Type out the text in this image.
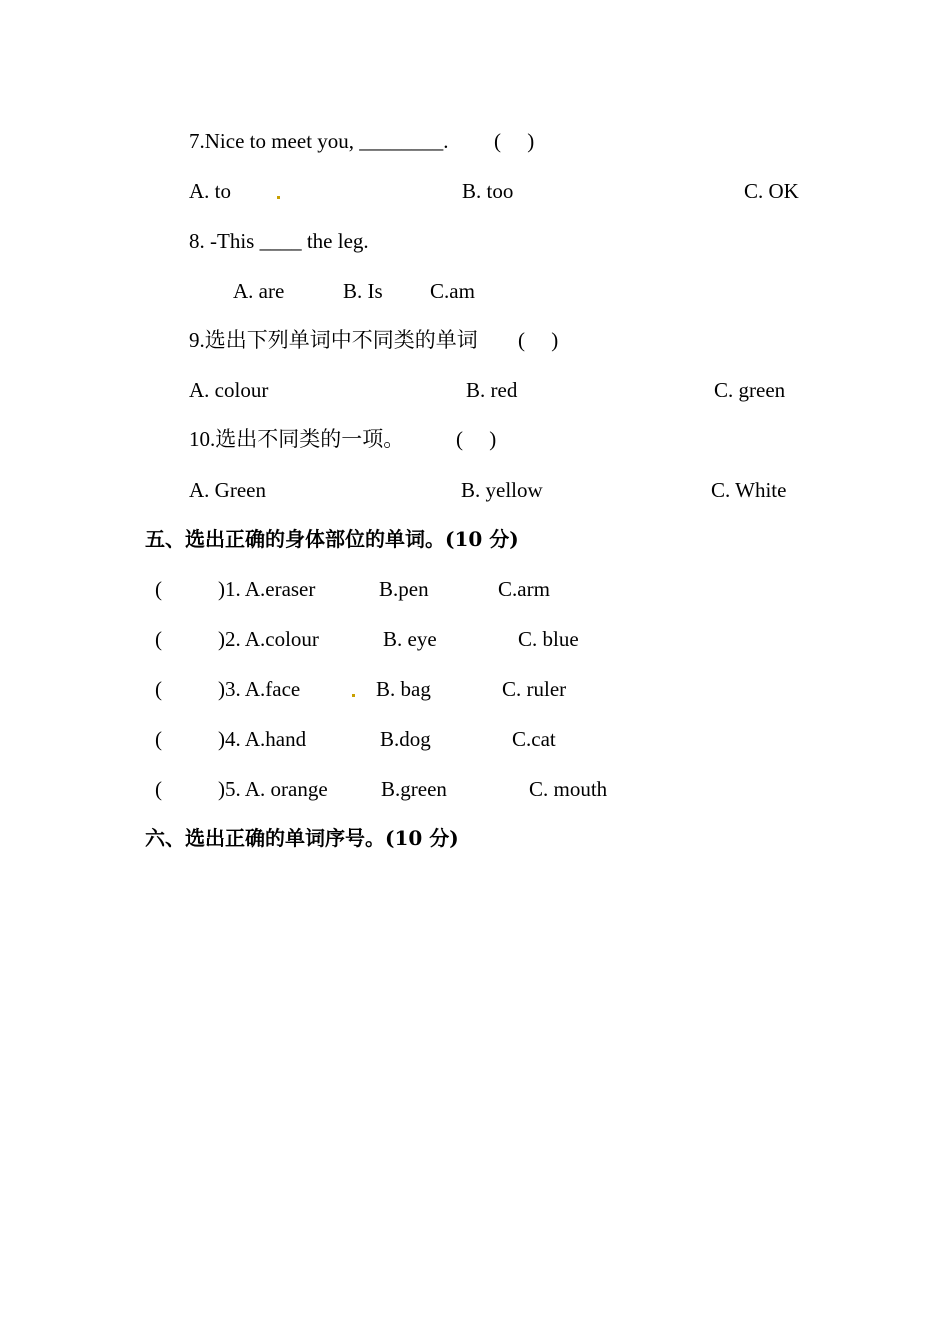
7.Nice to meet you, ________. (　 )
A. to	B. too	C. OK
8. -This ____ the leg.
A. are	B. Is C.am
9.选出下列单词中不同类的单词 (　 )
A. colour	B. red	C. green
10.选出不同类的一项。 (　 )
A. Green	B. yellow	C. White
五、选出正确的身体部位的单词。(10 分)
(	)1. A.eraser	B.pen	C.arm
(	)2. A.colour	B. eye	C. blue
(	)3. A.face	B. bag	C. ruler
(	)4. A.hand	B.dog	C.cat
(	)5. A. orange	B.green	C. mouth
六、选出正确的单词序号。(10 分)
